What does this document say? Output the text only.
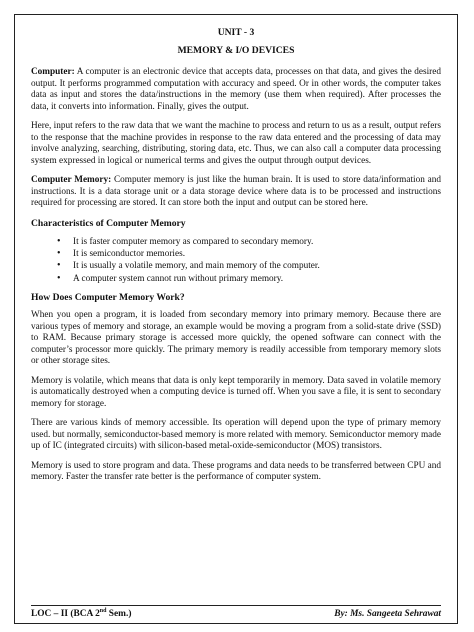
UNIT - 3
MEMORY & I/O DEVICES

Computer: A computer is an electronic device that accepts data, processes on that data, and gives the desired output. It performs programmed computation with accuracy and speed. Or in other words, the computer takes data as input and stores the data/instructions in the memory (use them when required). After processes the data, it converts into information. Finally, gives the output.

Here, input refers to the raw data that we want the machine to process and return to us as a result, output refers to the response that the machine provides in response to the raw data entered and the processing of data may involve analyzing, searching, distributing, storing data, etc. Thus, we can also call a computer data processing system expressed in logical or numerical terms and gives the output through output devices.

Computer Memory: Computer memory is just like the human brain. It is used to store data/information and instructions. It is a data storage unit or a data storage device where data is to be processed and instructions required for processing are stored. It can store both the input and output can be stored here.

Characteristics of Computer Memory
• It is faster computer memory as compared to secondary memory.
• It is semiconductor memories.
• It is usually a volatile memory, and main memory of the computer.
• A computer system cannot run without primary memory.
How Does Computer Memory Work?

When you open a program, it is loaded from secondary memory into primary memory. Because there are various types of memory and storage, an example would be moving a program from a solid-state drive (SSD) to RAM. Because primary storage is accessed more quickly, the opened software can connect with the computer’s processor more quickly. The primary memory is readily accessible from temporary memory slots or other storage sites.

Memory is volatile, which means that data is only kept temporarily in memory. Data saved in volatile memory is automatically destroyed when a computing device is turned off. When you save a file, it is sent to secondary memory for storage.

There are various kinds of memory accessible. Its operation will depend upon the type of primary memory used. but normally, semiconductor-based memory is more related with memory. Semiconductor memory made up of IC (integrated circuits) with silicon-based metal-oxide-semiconductor (MOS) transistors.

Memory is used to store program and data. These programs and data needs to be transferred between CPU and memory. Faster the transfer rate better is the performance of computer system.

LOC – II (BCA 2nd Sem.)	By: Ms. Sangeeta Sehrawat
